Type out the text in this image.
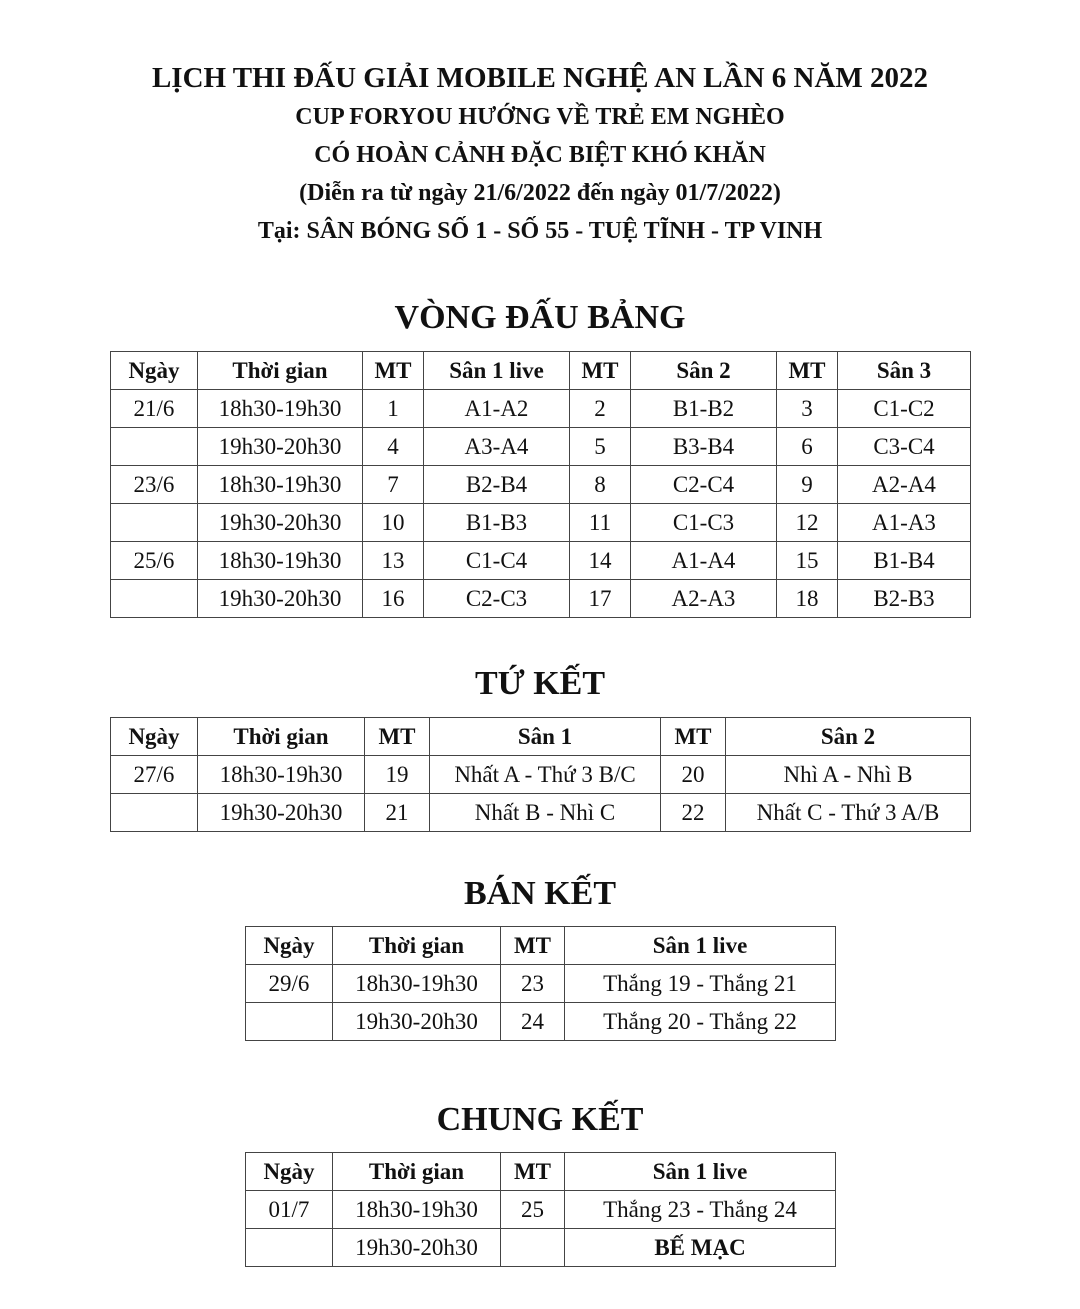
LỊCH THI ĐẤU GIẢI MOBILE NGHỆ AN LẦN 6 NĂM 2022
CUP FORYOU HƯỚNG VỀ TRẺ EM NGHÈO
CÓ HOÀN CẢNH ĐẶC BIỆT KHÓ KHĂN
(Diễn ra từ ngày 21/6/2022 đến ngày 01/7/2022)
Tại: SÂN BÓNG SỐ 1 - SỐ 55 - TUỆ TĨNH - TP VINH
VÒNG ĐẤU BẢNG
Ngày	Thời gian	MT	Sân 1 live	MT	Sân 2	MT	Sân 3
21/6	18h30-19h30	1	A1-A2	2	B1-B2	3	C1-C2
	19h30-20h30	4	A3-A4	5	B3-B4	6	C3-C4
23/6	18h30-19h30	7	B2-B4	8	C2-C4	9	A2-A4
	19h30-20h30	10	B1-B3	11	C1-C3	12	A1-A3
25/6	18h30-19h30	13	C1-C4	14	A1-A4	15	B1-B4
	19h30-20h30	16	C2-C3	17	A2-A3	18	B2-B3
TỨ KẾT
Ngày	Thời gian	MT	Sân 1	MT	Sân 2
27/6	18h30-19h30	19	Nhất A - Thứ 3 B/C	20	Nhì A - Nhì B
	19h30-20h30	21	Nhất B - Nhì C	22	Nhất C - Thứ 3 A/B
BÁN KẾT
Ngày	Thời gian	MT	Sân 1 live
29/6	18h30-19h30	23	Thắng 19 - Thắng 21
	19h30-20h30	24	Thắng 20 - Thắng 22
CHUNG KẾT
Ngày	Thời gian	MT	Sân 1 live
01/7	18h30-19h30	25	Thắng 23 - Thắng 24
	19h30-20h30		BẾ MẠC
